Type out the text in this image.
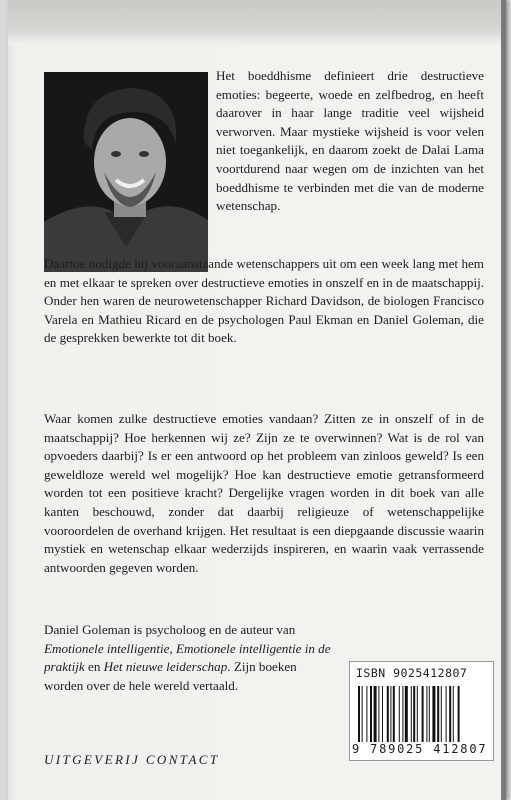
Het boeddhisme definieert drie destructieve emoties: begeerte, woede en zelfbedrog, en heeft daarover in haar lange traditie veel wijsheid verworven. Maar mystieke wijsheid is voor velen niet toegankelijk, en daarom zoekt de Dalai Lama voortdurend naar wegen om de inzichten van het boeddhisme te verbinden met die van de moderne wetenschap.
Daartoe nodigde hij vooraanstaande wetenschappers uit om een week lang met hem en met elkaar te spreken over destructieve emoties in onszelf en in de maatschappij. Onder hen waren de neurowetenschapper Richard Davidson, de biologen Francisco Varela en Mathieu Ricard en de psychologen Paul Ekman en Daniel Goleman, die de gesprekken bewerkte tot dit boek.
Waar komen zulke destructieve emoties vandaan? Zitten ze in onszelf of in de maatschappij? Hoe herkennen wij ze? Zijn ze te overwinnen? Wat is de rol van opvoeders daarbij? Is er een antwoord op het probleem van zinloos geweld? Is een geweldloze wereld wel mogelijk? Hoe kan destructieve emotie getransformeerd worden tot een positieve kracht? Dergelijke vragen worden in dit boek van alle kanten beschouwd, zonder dat daarbij religieuze of wetenschappelijke vooroordelen de overhand krijgen. Het resultaat is een diepgaande discussie waarin mystiek en wetenschap elkaar wederzijds inspireren, en waarin vaak verrassende antwoorden gegeven worden.
Daniel Goleman is psycholoog en de auteur van Emotionele intelligentie, Emotionele intelligentie in de praktijk en Het nieuwe leiderschap. Zijn boeken worden over de hele wereld vertaald.
UITGEVERIJ CONTACT
ISBN 9025412807
9 789025 412807
